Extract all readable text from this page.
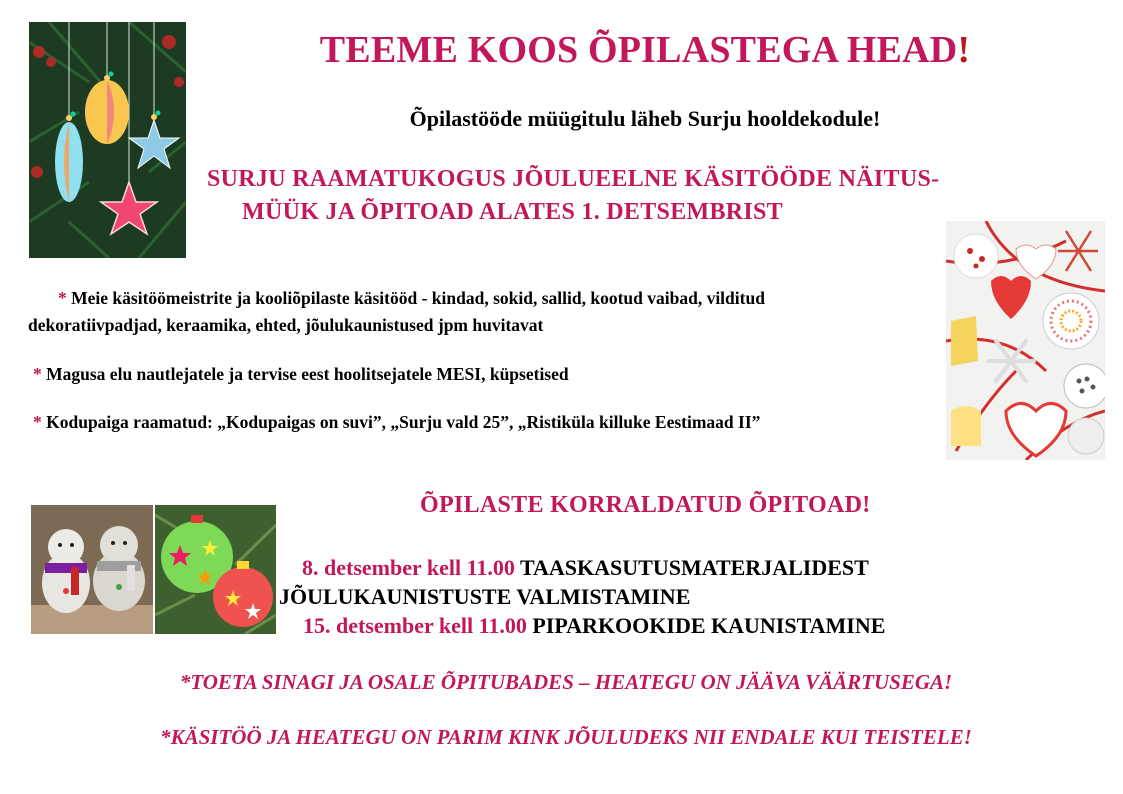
TEEME KOOS ÕPILASTEGA HEAD!
Õpilastööde müügitulu läheb Surju hooldekodule!
SURJU RAAMATUKOGUS JÕULUEELNE KÄSITÖÖDE NÄITUS-
MÜÜK JA ÕPITOAD ALATES 1. DETSEMBRIST
* Meie käsitöömeistrite ja kooliõpilaste käsitööd - kindad, sokid, sallid, kootud vaibad, vilditud
dekoratiivpadjad, keraamika, ehted, jõulukaunistused jpm huvitavat
* Magusa elu nautlejatele ja tervise eest hoolitsejatele MESI, küpsetised
* Kodupaiga raamatud: „Kodupaigas on suvi”, „Surju vald 25”, „Ristiküla killuke Eestimaad II”
ÕPILASTE KORRALDATUD ÕPITOAD!
8. detsember kell 11.00 TAASKASUTUSMATERJALIDEST
JÕULUKAUNISTUSTE VALMISTAMINE
15. detsember kell 11.00 PIPARKOOKIDE KAUNISTAMINE
*TOETA SINAGI JA OSALE ÕPITUBADES – HEATEGU ON JÄÄVA VÄÄRTUSEGA!
*KÄSITÖÖ JA HEATEGU ON PARIM KINK JÕULUDEKS NII ENDALE KUI TEISTELE!
